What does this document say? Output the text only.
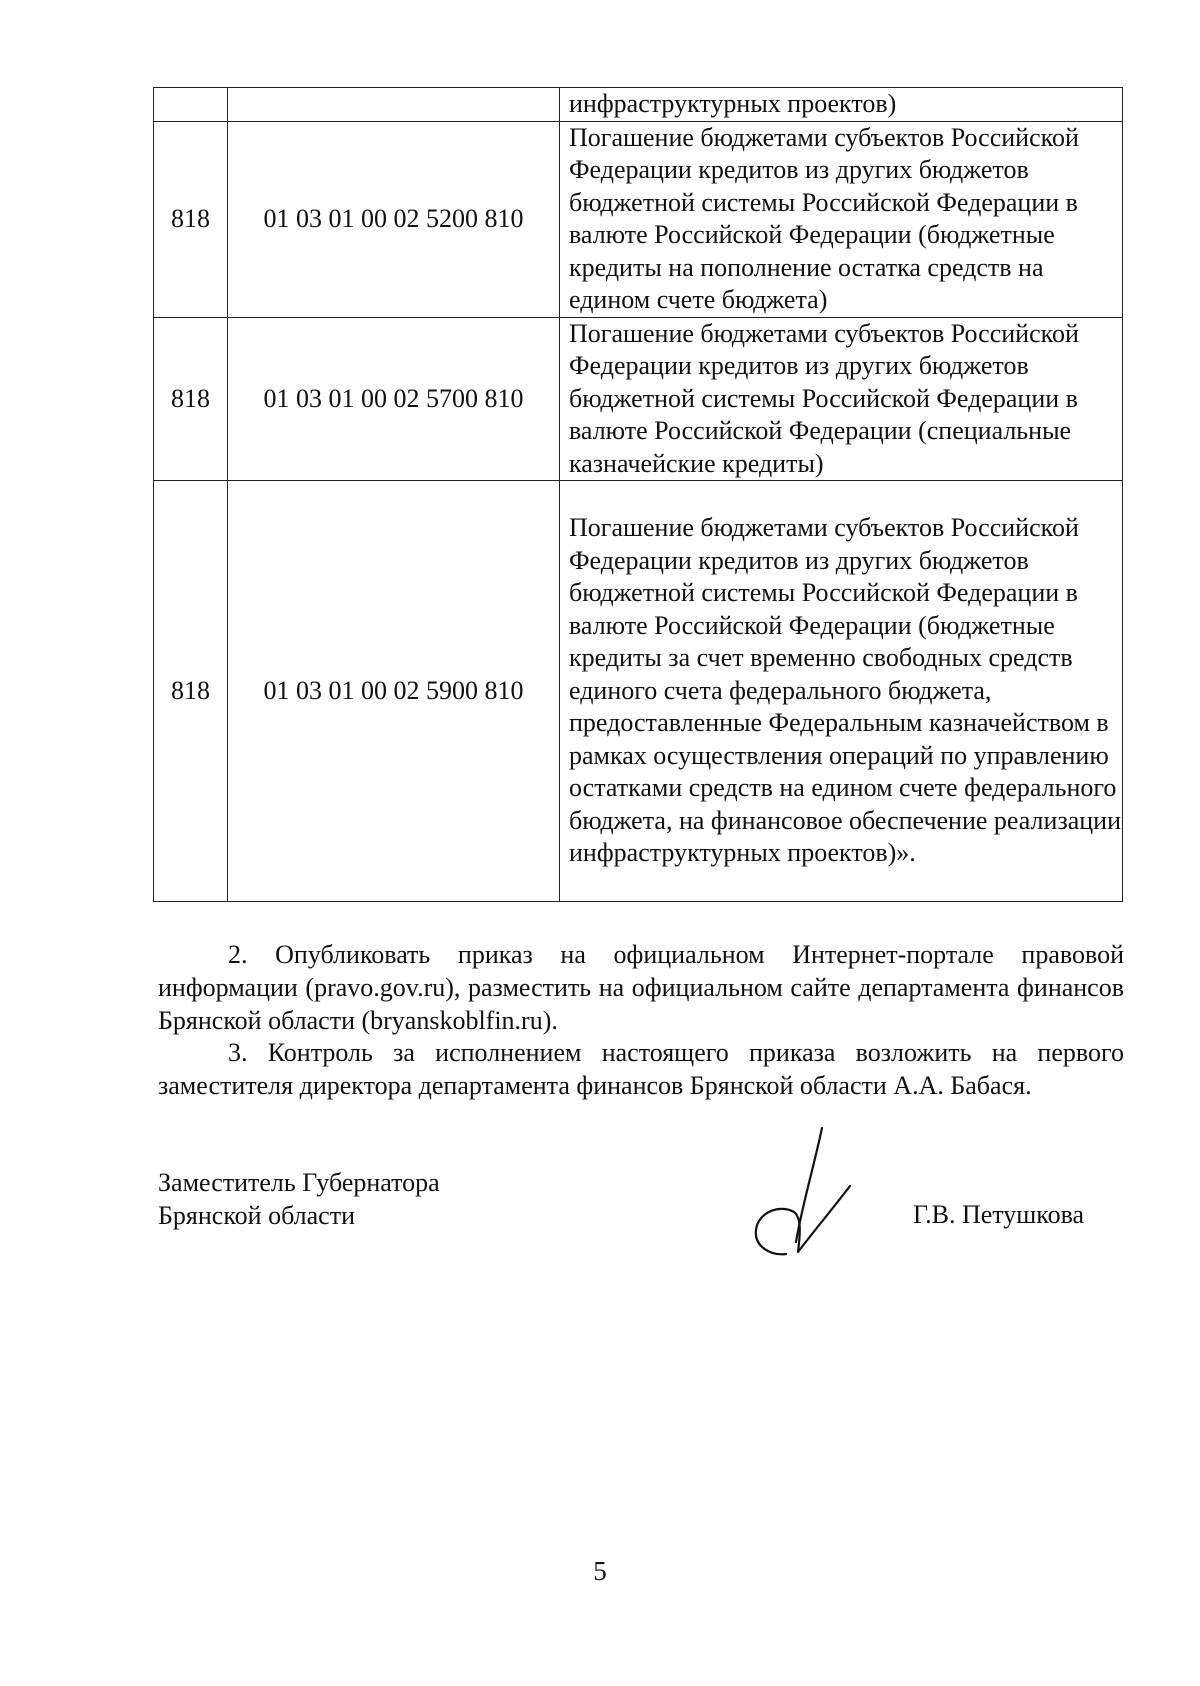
		инфраструктурных проектов)
818	01 03 01 00 02 5200 810	Погашение бюджетами субъектов Российской Федерации кредитов из других бюджетов бюджетной системы Российской Федерации в валюте Российской Федерации (бюджетные кредиты на пополнение остатка средств на едином счете бюджета)
818	01 03 01 00 02 5700 810	Погашение бюджетами субъектов Российской Федерации кредитов из других бюджетов бюджетной системы Российской Федерации в валюте Российской Федерации (специальные казначейские кредиты)
818	01 03 01 00 02 5900 810	Погашение бюджетами субъектов Российской Федерации кредитов из других бюджетов бюджетной системы Российской Федерации в валюте Российской Федерации (бюджетные кредиты за счет временно свободных средств единого счета федерального бюджета, предоставленные Федеральным казначейством в рамках осуществления операций по управлению остатками средств на едином счете федерального бюджета, на финансовое обеспечение реализации инфраструктурных проектов)».

2. Опубликовать приказ на официальном Интернет-портале правовой информации (pravo.gov.ru), разместить на официальном сайте департамента финансов Брянской области (bryanskoblfin.ru).

3. Контроль за исполнением настоящего приказа возложить на первого заместителя директора департамента финансов Брянской области А.А. Бабася.

Заместитель Губернатора
Брянской области	Г.В. Петушкова
5
